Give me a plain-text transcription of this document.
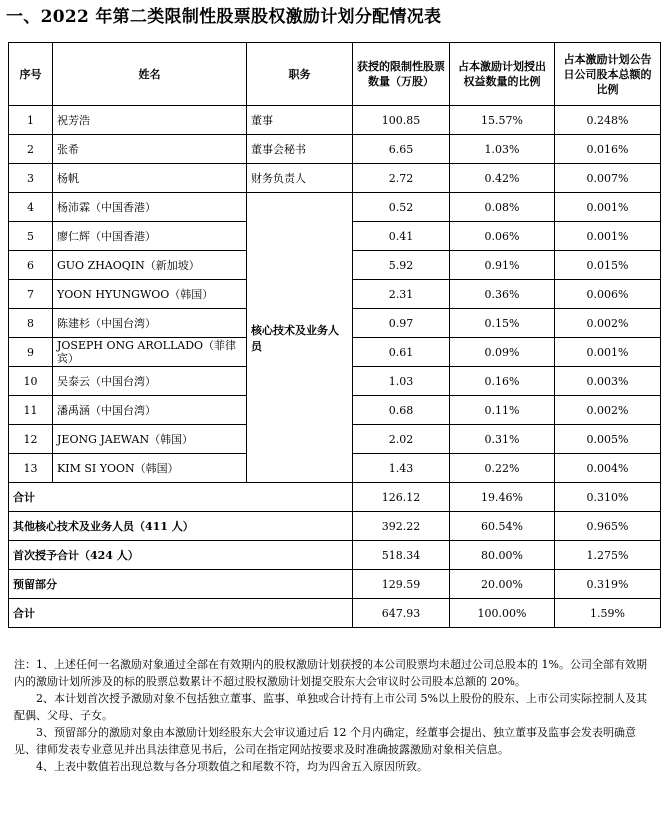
一、2022 年第二类限制性股票股权激励计划分配情况表
序号	姓名	职务	获授的限制性股票数量（万股）	占本激励计划授出权益数量的比例	占本激励计划公告日公司股本总额的比例
1	祝芳浩	董事	100.85	15.57%	0.248%
2	张希	董事会秘书	6.65	1.03%	0.016%
3	杨帆	财务负责人	2.72	0.42%	0.007%
4	杨沛霖（中国香港）	核心技术及业务人员	0.52	0.08%	0.001%
5	廖仁辉（中国香港）		0.41	0.06%	0.001%
6	GUO ZHAOQIN（新加坡）		5.92	0.91%	0.015%
7	YOON HYUNGWOO（韩国）		2.31	0.36%	0.006%
8	陈建杉（中国台湾）		0.97	0.15%	0.002%
9	JOSEPH ONG AROLLADO（菲律宾）		0.61	0.09%	0.001%
10	吴泰云（中国台湾）		1.03	0.16%	0.003%
11	潘禹涵（中国台湾）		0.68	0.11%	0.002%
12	JEONG JAEWAN（韩国）		2.02	0.31%	0.005%
13	KIM SI YOON（韩国）		1.43	0.22%	0.004%
合计			126.12	19.46%	0.310%
其他核心技术及业务人员（411 人）			392.22	60.54%	0.965%
首次授予合计（424 人）			518.34	80.00%	1.275%
预留部分			129.59	20.00%	0.319%
合计			647.93	100.00%	1.59%

注：1、上述任何一名激励对象通过全部在有效期内的股权激励计划获授的本公司股票均未超过公司总股本的 1%。公司全部有效期内的激励计划所涉及的标的股票总数累计不超过股权激励计划提交股东大会审议时公司股本总额的 20%。

2、本计划首次授予激励对象不包括独立董事、监事、单独或合计持有上市公司 5%以上股份的股东、上市公司实际控制人及其配偶、父母、子女。

3、预留部分的激励对象由本激励计划经股东大会审议通过后 12 个月内确定，经董事会提出、独立董事及监事会发表明确意见、律师发表专业意见并出具法律意见书后，公司在指定网站按要求及时准确披露激励对象相关信息。

4、上表中数值若出现总数与各分项数值之和尾数不符，均为四舍五入原因所致。
